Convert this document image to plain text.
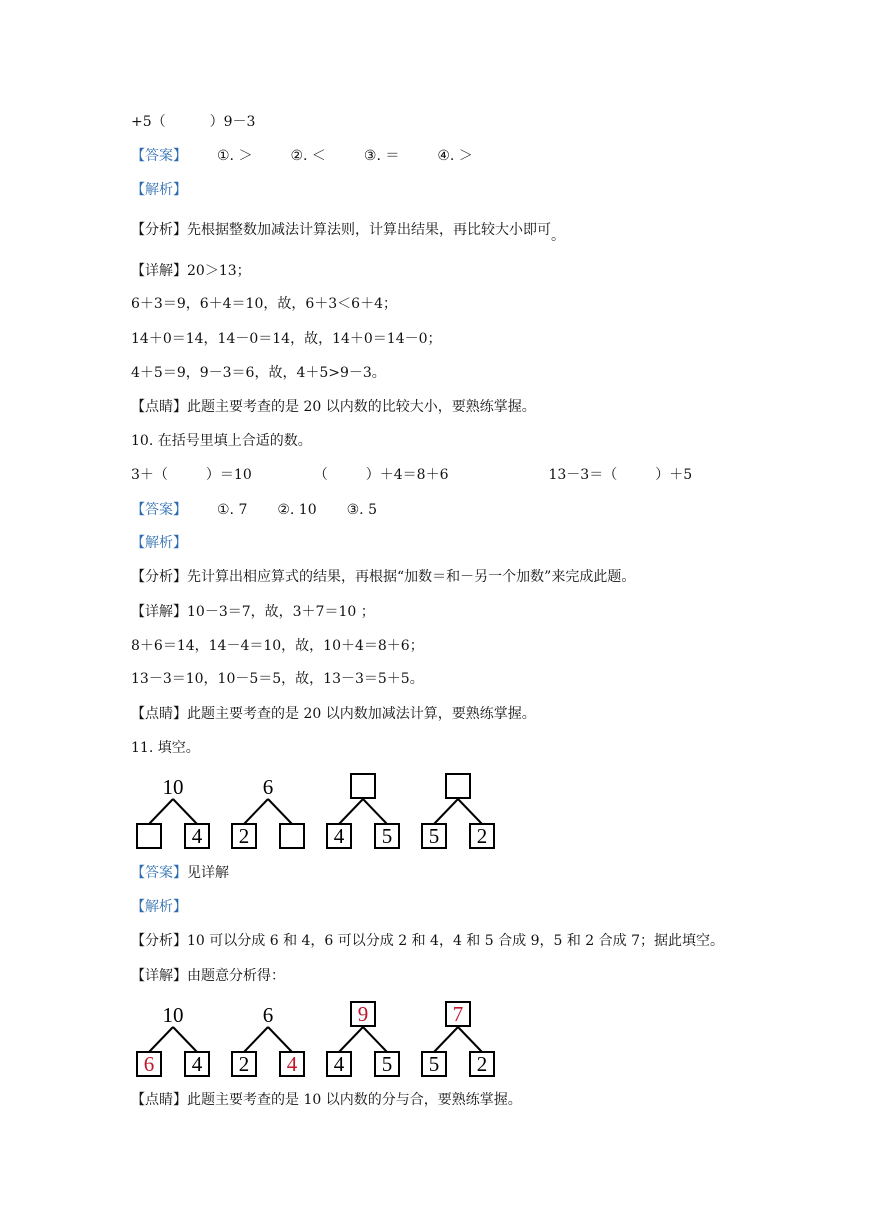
+5（	）9－3
【答案】 ①. ＞	②. ＜	③. ＝	④. ＞
【解析】
【分析】先根据整数加减法计算法则，计算出结果，再比较大小即可。
【详解】20＞13；
6＋3＝9，6＋4＝10，故，6＋3＜6＋4；
14＋0＝14，14－0＝14，故，14＋0＝14－0；
4＋5＝9，9－3＝6，故，4＋5>9－3。
【点睛】此题主要考查的是 20 以内数的比较大小，要熟练掌握。
10. 在括号里填上合适的数。
3＋（	）＝10	（	）＋4＝8＋6	13－3＝（	）＋5
【答案】 ①. 7 ②. 10 ③. 5
【解析】
【分析】先计算出相应算式的结果，再根据“加数＝和－另一个加数”来完成此题。
【详解】10－3＝7，故，3＋7＝10 ；
8＋6＝14，14－4＝10，故，10＋4＝8＋6；
13－3＝10，10－5＝5，故，13－3＝5＋5。
【点睛】此题主要考查的是 20 以内数加减法计算，要熟练掌握。
11. 填空。
10
4
6
2	4 5 5 2
【答案】见详解
【解析】
【分析】10 可以分成 6 和 4，6 可以分成 2 和 4，4 和 5 合成 9，5 和 2 合成 7；据此填空。
【详解】由题意分析得：
10
6 4
6
2 4
9
4 5
7
5 2
【点睛】此题主要考查的是 10 以内数的分与合，要熟练掌握。
